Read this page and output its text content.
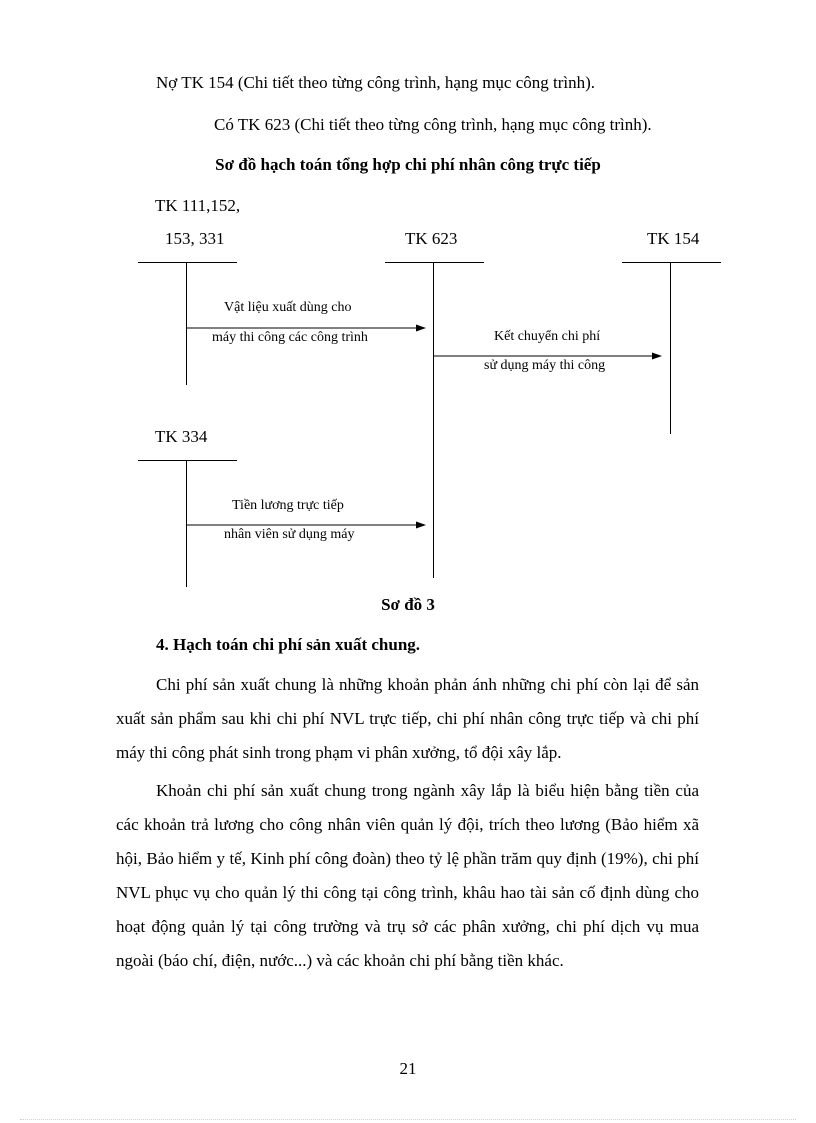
Nợ TK 154 (Chi tiết theo từng công trình, hạng mục công trình).
Có TK 623 (Chi tiết theo từng công trình, hạng mục công trình).
Sơ đồ hạch toán tổng hợp chi phí nhân công trực tiếp
TK 111,152,
153, 331	TK 623	TK 154
TK 334
Vật liệu xuất dùng cho
máy thi công các công trình	Kết chuyển chi phí
sử dụng máy thi công
Tiền lương trực tiếp
nhân viên sử dụng máy
Sơ đồ 3
4. Hạch toán chi phí sản xuất chung.

Chi phí sản xuất chung là những khoản phản ánh những chi phí còn lại để sản xuất sản phẩm sau khi chi phí NVL trực tiếp, chi phí nhân công trực tiếp và chi phí máy thi công phát sinh trong phạm vi phân xưởng, tổ đội xây lắp.

Khoản chi phí sản xuất chung trong ngành xây lắp là biểu hiện bằng tiền của các khoản trả lương cho công nhân viên quản lý đội, trích theo lương (Bảo hiểm xã hội, Bảo hiểm y tế, Kinh phí công đoàn) theo tỷ lệ phần trăm quy định (19%), chi phí NVL phục vụ cho quản lý thi công tại công trình, khâu hao tài sản cố định dùng cho hoạt động quản lý tại công trường và trụ sở các phân xưởng, chi phí dịch vụ mua ngoài (báo chí, điện, nước...) và các khoản chi phí bằng tiền khác.

21
